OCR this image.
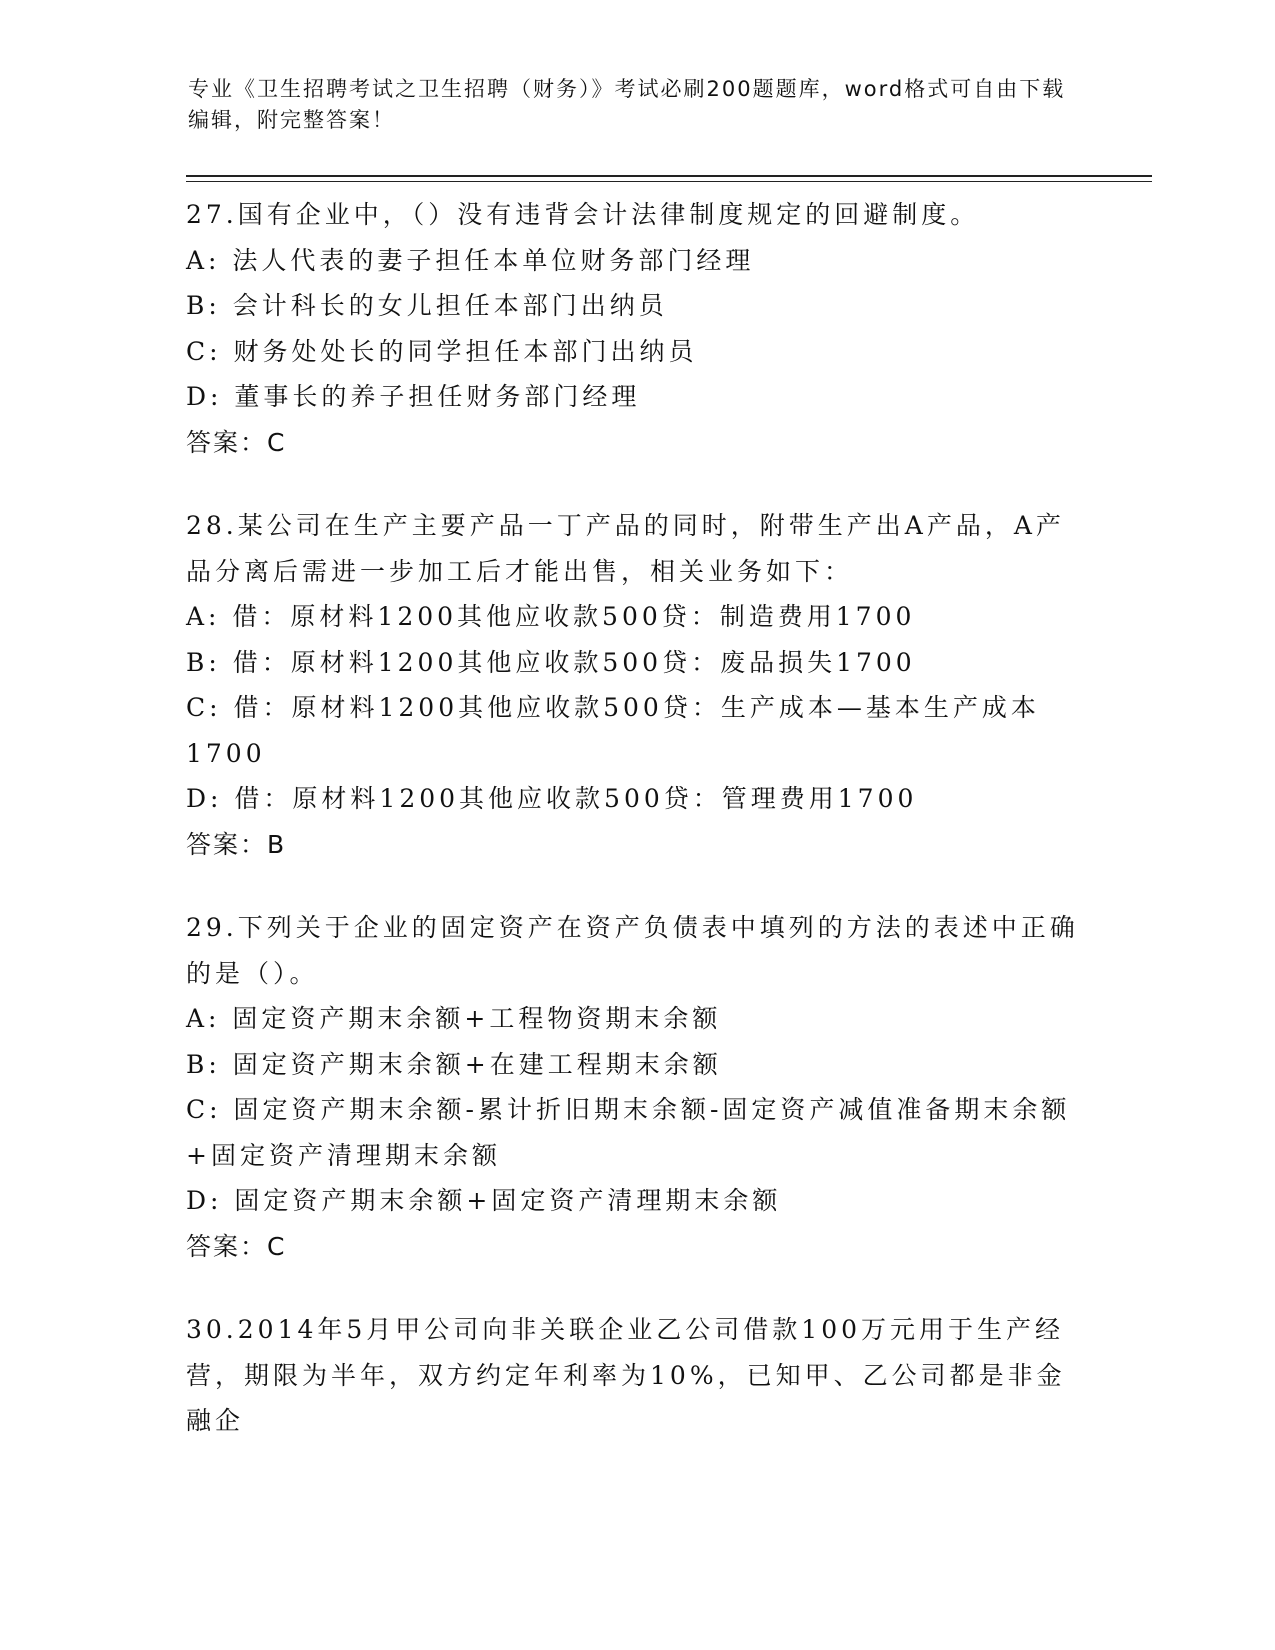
专业《卫生招聘考试之卫生招聘（财务）》考试必刷200题题库，word格式可自由下载编辑，附完整答案！

27.国有企业中，（）没有违背会计法律制度规定的回避制度。

A: 法人代表的妻子担任本单位财务部门经理

B: 会计科长的女儿担任本部门出纳员

C: 财务处处长的同学担任本部门出纳员

D: 董事长的养子担任财务部门经理

答案：C

28.某公司在生产主要产品一丁产品的同时，附带生产出A产品，A产品分离后需进一步加工后才能出售，相关业务如下：

A: 借：原材料1200其他应收款500贷：制造费用1700

B: 借：原材料1200其他应收款500贷：废品损失1700

C: 借：原材料1200其他应收款500贷：生产成本—基本生产成本1700

D: 借：原材料1200其他应收款500贷：管理费用1700

答案：B

29.下列关于企业的固定资产在资产负债表中填列的方法的表述中正确的是（）。

A: 固定资产期末余额+工程物资期末余额

B: 固定资产期末余额+在建工程期末余额

C: 固定资产期末余额-累计折旧期末余额-固定资产减值准备期末余额+固定资产清理期末余额

D: 固定资产期末余额+固定资产清理期末余额

答案：C

30.2014年5月甲公司向非关联企业乙公司借款100万元用于生产经营，期限为半年，双方约定年利率为10%，已知甲、乙公司都是非金融企
